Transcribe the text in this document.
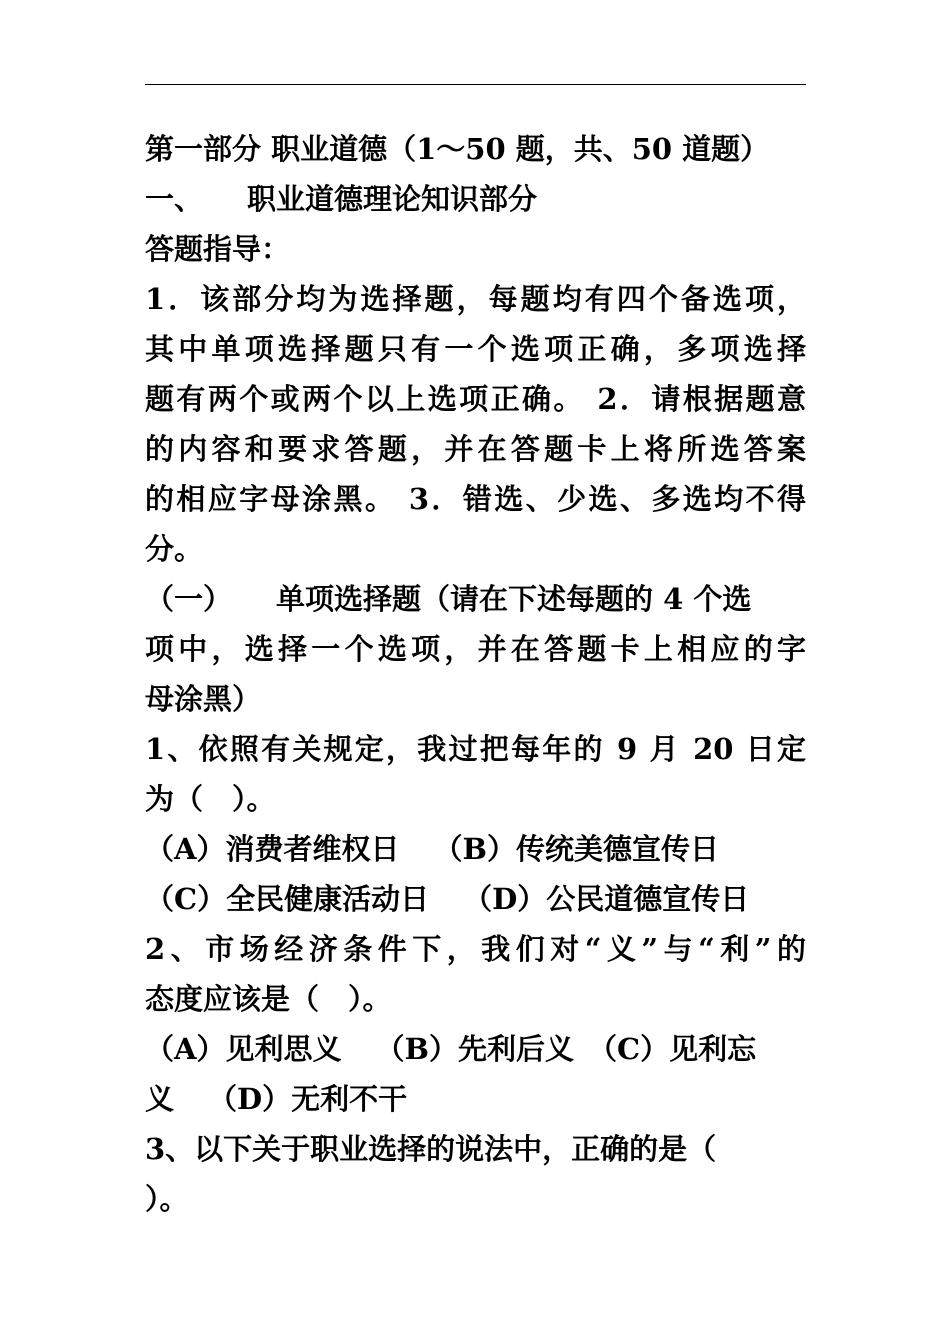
第一部分 职业道德（1～50 题，共、50 道题）
一、 职业道德理论知识部分
答题指导：
1．该部分均为选择题，每题均有四个备选项，
其中单项选择题只有一个选项正确，多项选择
题有两个或两个以上选项正确。 2．请根据题意
的内容和要求答题，并在答题卡上将所选答案
的相应字母涂黑。 3．错选、少选、多选均不得
分。
（一） 单项选择题（请在下述每题的 4 个选
项中，选择一个选项，并在答题卡上相应的字
母涂黑）
1、依照有关规定，我过把每年的 9 月 20 日定
为（　）。
（A）消费者维权日 （B）传统美德宣传日
（C）全民健康活动日 （D）公民道德宣传日
2、市场经济条件下，我们对“义”与“利”的
态度应该是（　）。
（A）见利思义 （B）先利后义 （C）见利忘
义 （D）无利不干
3、以下关于职业选择的说法中，正确的是（
）。
